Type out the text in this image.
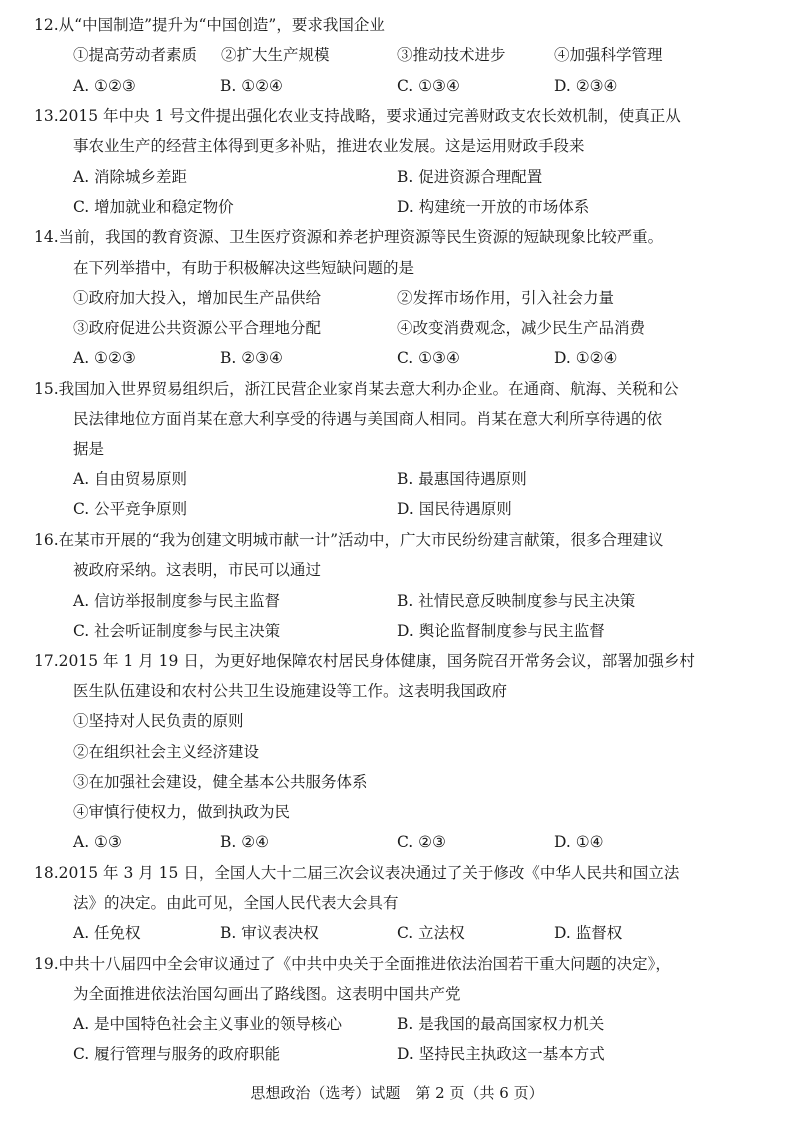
12.从“中国制造”提升为“中国创造”，要求我国企业
①提高劳动者素质 ②扩大生产规模	③推动技术进步	④加强科学管理
A. ①②③	B. ①②④	C. ①③④	D. ②③④
13.2015 年中央 1 号文件提出强化农业支持战略，要求通过完善财政支农长效机制，使真正从
事农业生产的经营主体得到更多补贴，推进农业发展。这是运用财政手段来
A. 消除城乡差距	B. 促进资源合理配置
C. 增加就业和稳定物价	D. 构建统一开放的市场体系
14.当前，我国的教育资源、卫生医疗资源和养老护理资源等民生资源的短缺现象比较严重。
在下列举措中，有助于积极解决这些短缺问题的是
①政府加大投入，增加民生产品供给	②发挥市场作用，引入社会力量
③政府促进公共资源公平合理地分配	④改变消费观念，减少民生产品消费
A. ①②③	B. ②③④	C. ①③④	D. ①②④
15.我国加入世界贸易组织后，浙江民营企业家肖某去意大利办企业。在通商、航海、关税和公
民法律地位方面肖某在意大利享受的待遇与美国商人相同。肖某在意大利所享待遇的依
据是
A. 自由贸易原则	B. 最惠国待遇原则
C. 公平竞争原则	D. 国民待遇原则
16.在某市开展的“我为创建文明城市献一计”活动中，广大市民纷纷建言献策，很多合理建议
被政府采纳。这表明，市民可以通过
A. 信访举报制度参与民主监督	B. 社情民意反映制度参与民主决策
C. 社会听证制度参与民主决策	D. 舆论监督制度参与民主监督
17.2015 年 1 月 19 日，为更好地保障农村居民身体健康，国务院召开常务会议，部署加强乡村
医生队伍建设和农村公共卫生设施建设等工作。这表明我国政府
①坚持对人民负责的原则
②在组织社会主义经济建设
③在加强社会建设，健全基本公共服务体系
④审慎行使权力，做到执政为民
A. ①③	B. ②④	C. ②③	D. ①④
18.2015 年 3 月 15 日，全国人大十二届三次会议表决通过了关于修改《中华人民共和国立法
法》的决定。由此可见，全国人民代表大会具有
A. 任免权	B. 审议表决权	C. 立法权	D. 监督权
19.中共十八届四中全会审议通过了《中共中央关于全面推进依法治国若干重大问题的决定》，
为全面推进依法治国勾画出了路线图。这表明中国共产党
A. 是中国特色社会主义事业的领导核心	B. 是我国的最高国家权力机关
C. 履行管理与服务的政府职能	D. 坚持民主执政这一基本方式
思想政治（选考）试题　第 2 页（共 6 页）
